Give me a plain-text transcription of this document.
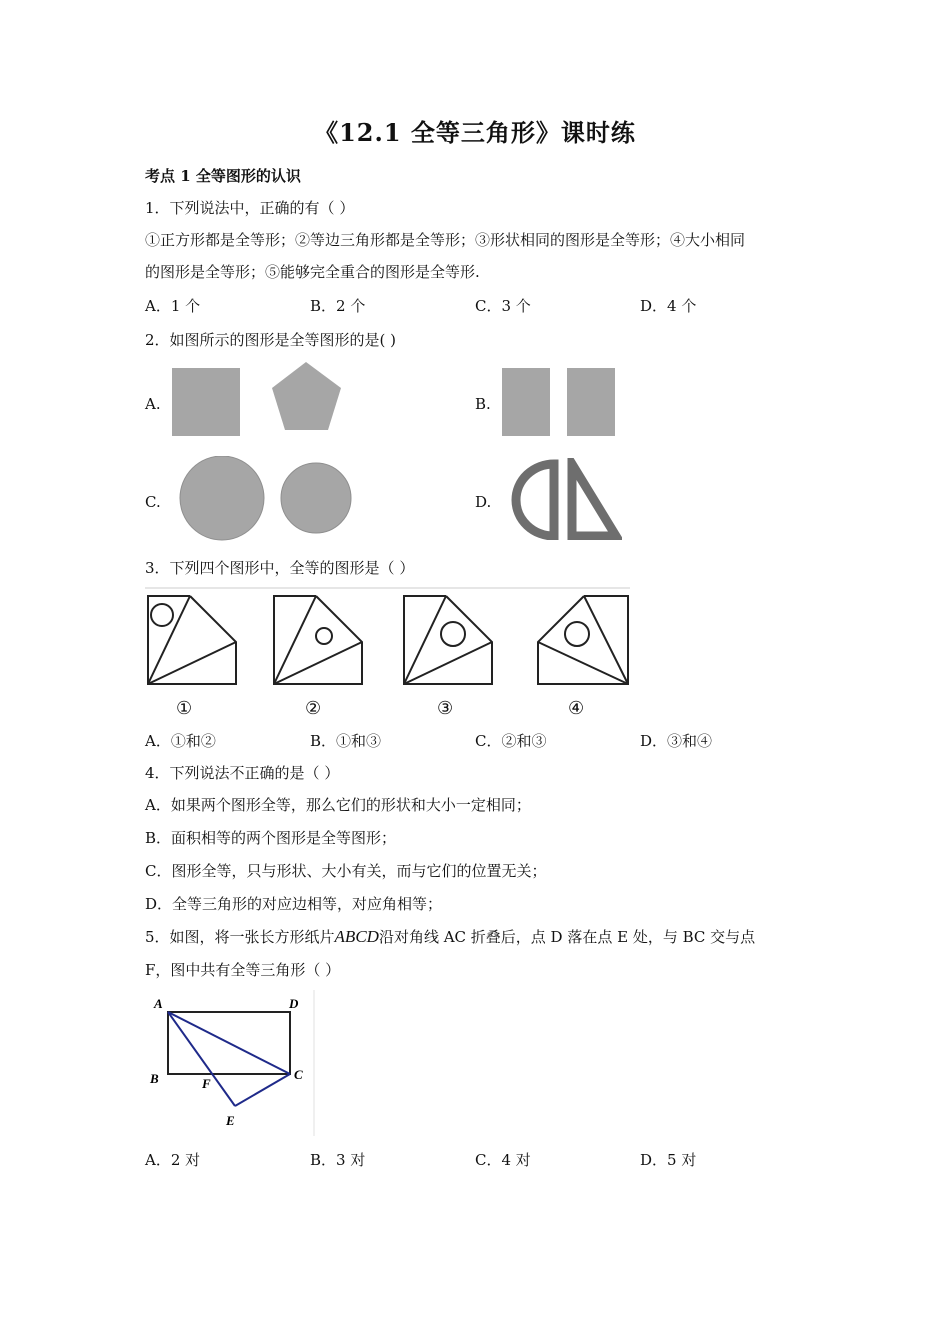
《12.1 全等三角形》课时练
考点 1 全等图形的认识
1．下列说法中，正确的有（ ）
①正方形都是全等形；②等边三角形都是全等形；③形状相同的图形是全等形；④大小相同
的图形是全等形；⑤能够完全重合的图形是全等形.
A．1 个	B．2 个	C．3 个	D．4 个
2．如图所示的图形是全等图形的是( )
A.	B.
C.	D.
3．下列四个图形中，全等的图形是（ ）
①	②	③	④
A．①和②	B．①和③	C．②和③	D．③和④
4．下列说法不正确的是（ ）
A．如果两个图形全等，那么它们的形状和大小一定相同；
B．面积相等的两个图形是全等图形；
C．图形全等，只与形状、大小有关，而与它们的位置无关；
D．全等三角形的对应边相等，对应角相等；
5．如图，将一张长方形纸片ABCD沿对角线 AC 折叠后，点 D 落在点 E 处，与 BC 交与点
F，图中共有全等三角形（ ）
A	D
B	F
C
E
A．2 对	B．3 对	C．4 对	D．5 对
